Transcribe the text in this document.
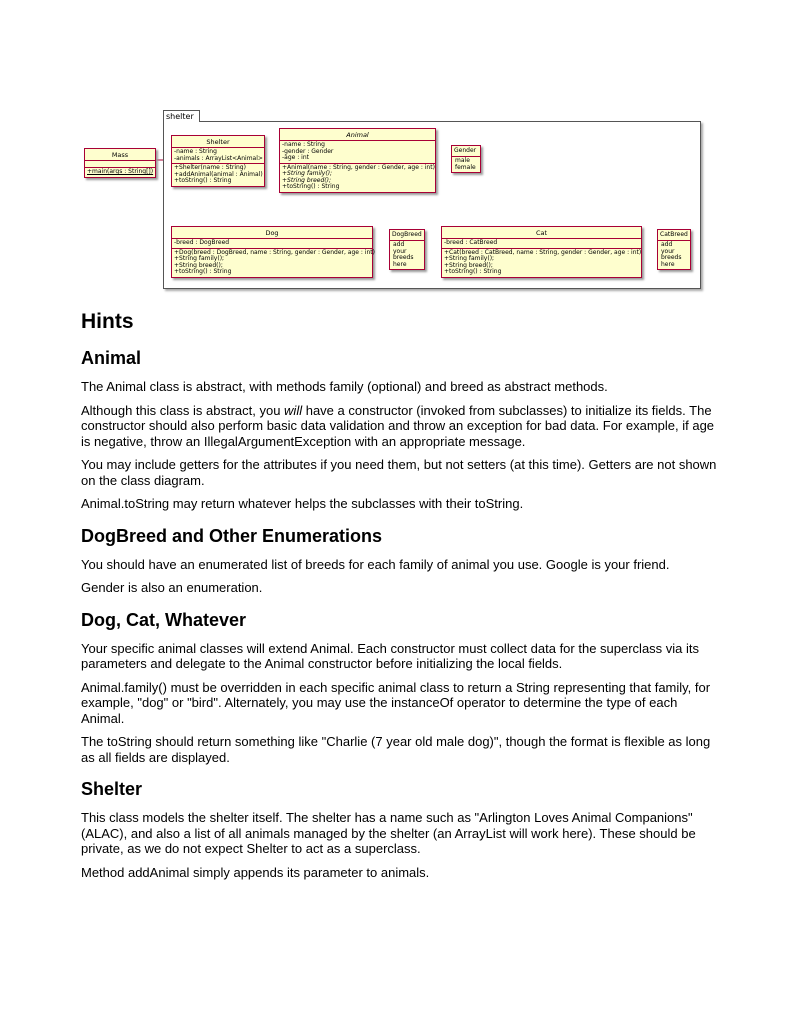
shelter
Mass
+main(args : String[])
Shelter
-name : String
-animals : ArrayList<Animal>
+Shelter(name : String)
+addAnimal(animal : Animal)
+toString() : String
Animal
-name : String
-gender : Gender
-age : int
+Animal(name : String, gender : Gender, age : int)
+String family();
+String breed();
+toString() : String
Gender
male
female
Dog
-breed : DogBreed
+Dog(breed : DogBreed, name : String, gender : Gender, age : int)
+String family();
+String breed();
+toString() : String
DogBreed
add
your
breeds
here
Cat
-breed : CatBreed
+Cat(breed : CatBreed, name : String, gender : Gender, age : int)
+String family();
+String breed();
+toString() : String
CatBreed
add
your
breeds
here
Hints
Animal

The Animal class is abstract, with methods family (optional) and breed as abstract methods.

Although this class is abstract, you will have a constructor (invoked from subclasses) to initialize its fields. The constructor should also perform basic data validation and throw an exception for bad data. For example, if age is negative, throw an IllegalArgumentException with an appropriate message.

You may include getters for the attributes if you need them, but not setters (at this time). Getters are not shown on the class diagram.

Animal.toString may return whatever helps the subclasses with their toString.

DogBreed and Other Enumerations

You should have an enumerated list of breeds for each family of animal you use. Google is your friend.

Gender is also an enumeration.

Dog, Cat, Whatever

Your specific animal classes will extend Animal. Each constructor must collect data for the superclass via its parameters and delegate to the Animal constructor before initializing the local fields.

Animal.family() must be overridden in each specific animal class to return a String representing that family, for example, "dog" or "bird". Alternately, you may use the instanceOf operator to determine the type of each Animal.

The toString should return something like "Charlie (7 year old male dog)", though the format is flexible as long as all fields are displayed.

Shelter

This class models the shelter itself. The shelter has a name such as "Arlington Loves Animal Companions" (ALAC), and also a list of all animals managed by the shelter (an ArrayList will work here). These should be private, as we do not expect Shelter to act as a superclass.

Method addAnimal simply appends its parameter to animals.
